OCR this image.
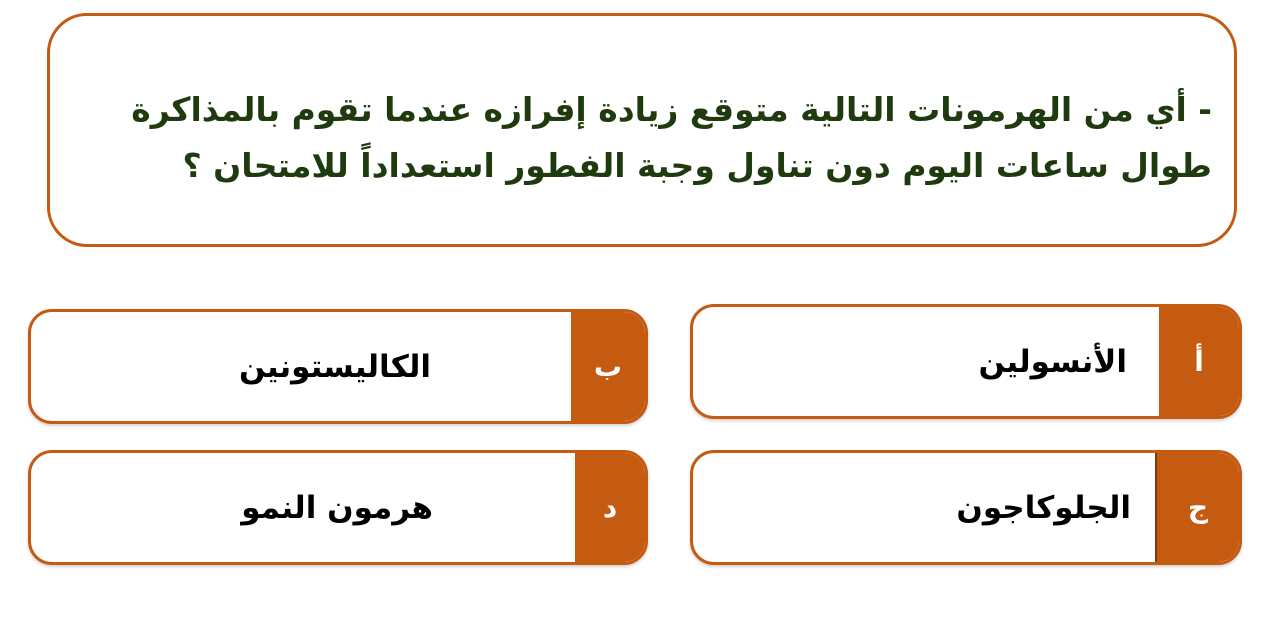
- أي من الهرمونات التالية متوقع زيادة إفرازه عندما تقوم بالمذاكرة طوال ساعات اليوم دون تناول وجبة الفطور استعداداً للامتحان ؟
أ
الأنسولين
ب
الكاليستونين
ج
الجلوكاجون
د
هرمون النمو
